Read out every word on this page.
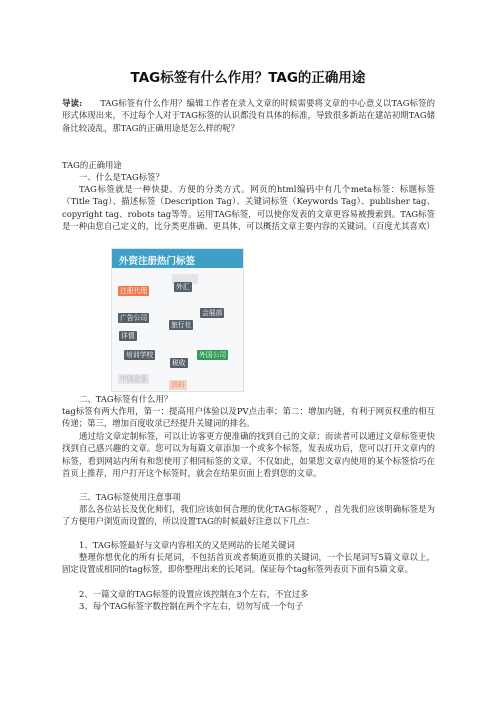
TAG标签有什么作用？TAG的正确用途

导读: TAG标签有什么作用？编辑工作者在录入文章的时候需要将文章的中心意义以TAG标签的形式体现出来，不过每个人对于TAG标签的认识都没有具体的标准，导致很多新站在建站初期TAG储备比较凌乱，那TAG的正确用途是怎么样的呢？

TAG的正确用途

一、什么是TAG标签？

TAG标签就是一种快捷、方便的分类方式。网页的html编码中有几个meta标签：标题标签（Title Tag）、描述标签（Description Tag）、关键词标签（Keywords Tag）、publisher tag、copyright tag、robots tag等等。运用TAG标签，可以使你发表的文章更容易被搜索到。TAG标签是一种由您自己定义的，比分类更准确、更具体，可以概括文章主要内容的关键词。（百度尤其喜欢）

外资注册热门标签
注册代理	外汇
广告公司
旅行社
会展部
详情
培训学校
税收
外国公司
中国企业
资料

二、TAG标签有什么用？

tag标签有两大作用，第一：提高用户体验以及PV点击率；第二：增加内链，有利于网页权重的相互传递；第三，增加百度收录已经提升关键词的排名。

通过给文章定制标签，可以让访客更方便准确的找到自己的文章；而读者可以通过文章标签更快找到自己感兴趣的文章。您可以为每篇文章添加一个或多个标签，发表成功后，您可以打开文章内的标签，看到网站内所有和您使用了相同标签的文章。不仅如此，如果您文章内使用的某个标签恰巧在首页上推荐，用户打开这个标签时，就会在结果页面上看到您的文章。

三、TAG标签使用注意事项

那么各位站长及优化师们，我们应该如何合理的优化TAG标签呢？，首先我们应该明确标签是为了方便用户浏览而设置的，所以设置TAG的时候最好注意以下几点：

1、TAG标签最好与文章内容相关的又是网站的长尾关键词

整理你想优化的所有长尾词，不包括首页或者频道页推的关键词，一个长尾词写5篇文章以上，固定设置成相同的tag标签，即你整理出来的长尾词。保证每个tag标签列表页下面有5篇文章。

2、一篇文章的TAG标签的设置应该控制在3个左右，不宜过多

3、每个TAG标签字数控制在两个字左右，切勿写成一个句子
